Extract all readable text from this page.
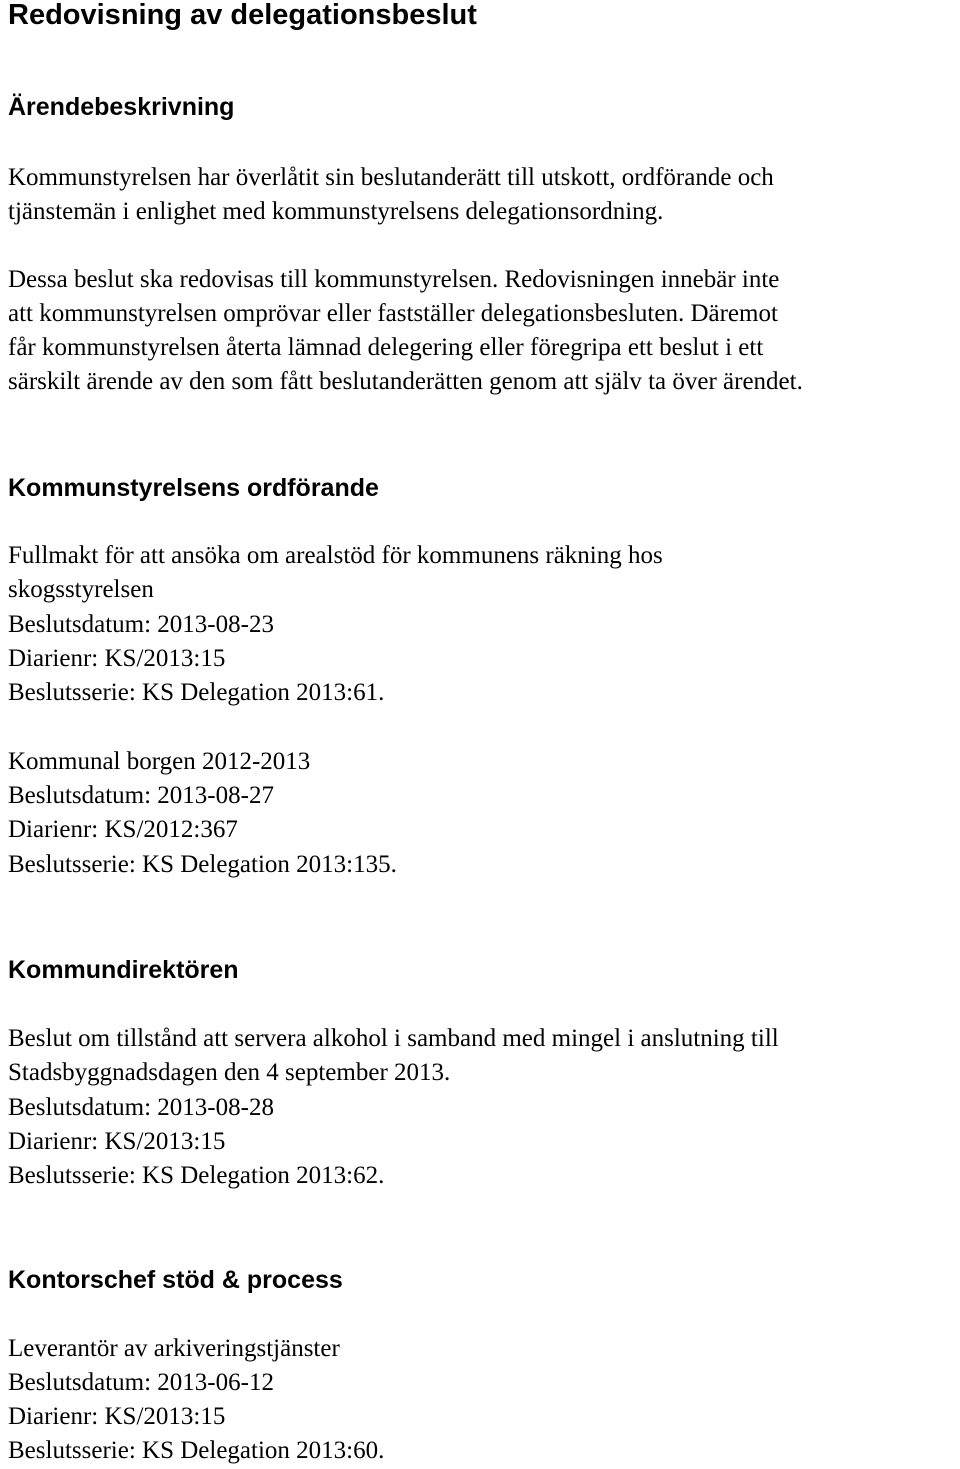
Redovisning av delegationsbeslut
Ärendebeskrivning

Kommunstyrelsen har överlåtit sin beslutanderätt till utskott, ordförande och

tjänstemän i enlighet med kommunstyrelsens delegationsordning.

Dessa beslut ska redovisas till kommunstyrelsen. Redovisningen innebär inte

att kommunstyrelsen omprövar eller fastställer delegationsbesluten. Däremot

får kommunstyrelsen återta lämnad delegering eller föregripa ett beslut i ett

särskilt ärende av den som fått beslutanderätten genom att själv ta över ärendet.

Kommunstyrelsens ordförande

Fullmakt för att ansöka om arealstöd för kommunens räkning hos

skogsstyrelsen

Beslutsdatum: 2013-08-23

Diarienr: KS/2013:15

Beslutsserie: KS Delegation 2013:61.

Kommunal borgen 2012-2013

Beslutsdatum: 2013-08-27

Diarienr: KS/2012:367

Beslutsserie: KS Delegation 2013:135.

Kommundirektören

Beslut om tillstånd att servera alkohol i samband med mingel i anslutning till

Stadsbyggnadsdagen den 4 september 2013.

Beslutsdatum: 2013-08-28

Diarienr: KS/2013:15

Beslutsserie: KS Delegation 2013:62.

Kontorschef stöd & process

Leverantör av arkiveringstjänster

Beslutsdatum: 2013-06-12

Diarienr: KS/2013:15

Beslutsserie: KS Delegation 2013:60.
